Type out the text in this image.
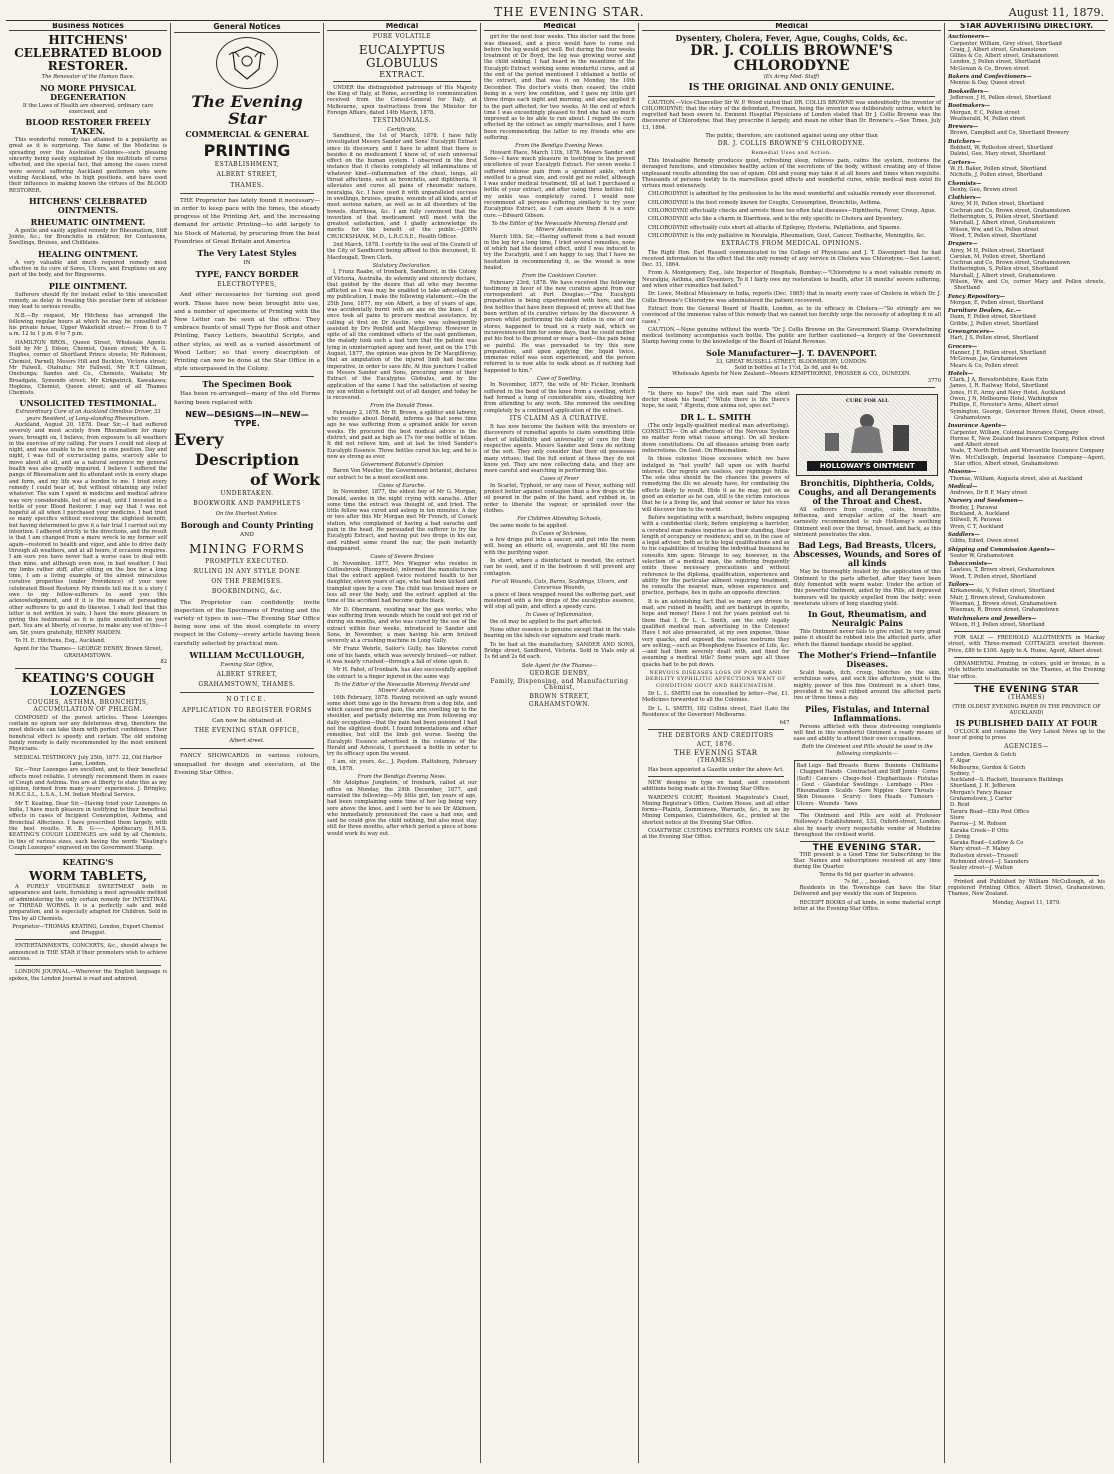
THE EVENING STAR.	August 11, 1879.
Business Notices
HITCHENS' CELEBRATED BLOOD RESTORER.
The Renovator of the Human Race.
NO MORE PHYSICAL DEGENERATION
If the Laws of Health are observed, ordinary care exercised, and
BLOOD RESTORER FREELY TAKEN.

This wonderful remedy has attained to a popularity as great as it is surprising. The fame of the Medicine is spreading over the Australian Colonies—such pleasing sincerity being easily explained by the multitude of cures effected, and the special fact, that among the cases cured were several suffering Auckland gentlemen who were visiting Auckland, who in high positions, and have used their influence in making known the virtues of the BLOOD RESTORER.

HITCHENS' CELEBRATED OINTMENTS.
RHEUMATIC OINTMENT.

A gentle and easily applied remedy for Rheumatism, Stiff Joints, &c.; for Bronchitis in children; for Contusions, Swellings, Bruises, and Chilblains.

HEALING OINTMENT.

A very valuable and much required remedy most effective in its cure of Sores, Ulcers, and Eruptions on any part of the body, and for Ringworms.

PILE OINTMENT.

Sufferers should fly for instant relief to this unexcelled remedy, as delay in treating this peculiar form of sickness may lead to serious results.

N.B.—By request, Mr Hitchens has arranged the following regular hours at which he may be consulted at his private house, Upper Wakefield street:— From 6 to 7 a.m. 12 to 1 p.m. 6 to 7 p.m.

HAMILTON BROS., Queen Street, Wholesale Agents. Sold by Mr J. Edson, Chemist, Queen street; Mr A. G. Hughes, corner of Shortland Prince streets; Mr Robinson, Chemist, Parnell; Messrs Hill and Buckton, Victoria street; Mr Falwell, Otahuhu; Mr Fallwell, Mr R.T. Gillman, Onehunga; Sandes and Co., Chemists, Waikato; Mr Broadgate, Symonds street; Mr Kirkpatrick, Kawakawa; Hopkins, Chemist, Queen street; and of all Thames Chemists.

UNSOLICITED TESTIMONIAL.
Extraordinary Cure of an Auckland Omnibus Driver, 33 years Resident, of Long-standing Rheumatism.

Auckland, August 20, 1878. Dear Sir,—I had suffered severely and most acutely from Rheumatism for many years, brought on, I believe, from exposure to all weathers in the exercise of my calling. For years I could not sleep at night, and was unable to be erect in one position. Day and night, I was full of excruciating pains, scarcely able to move about at all, and as a natural sequence my general health was also greatly impaired. I believe I suffered the pangs of Rheumatism and its attendant evils in every shape and form, and my life was a burden to me. I tried every remedy I could hear of, but without obtaining any relief whatever. The sum I spent in medicine and medical advice was very considerable, but of no avail, until I invested in a bottle of your Blood Restorer. I may say that I was not hopeful at all when I purchased your medicine. I had tried so many specifics without receiving the slightest benefit, but having determined to give it a fair trial I carried out my intention. I adhered strictly to the directions, and the result is that I am changed from a mere wreck to my former self again—restored to health and vigor, and able to drive daily through all weathers, and at all hours, if occasion requires. I am sure you have never had a worse case to deal with than mine, and although even now, in bad weather, I feel my limbs rather stiff, after sitting on the box for a long time, I am a living example of the almost miraculous curative properties (under Providence) of your now celebrated Blood Restorer. My friends tell me it is a story I owe to my fellow-sufferers to send you this acknowledgement, and if it is the means of persuading other sufferers to go and do likewise, I shall feel that this letter is not written in vain. I have the more pleasure in giving this testimonial as it is quite unsolicited on your part. You are at liberty, of course, to make any use of this—I am, Sir, yours gratefully, HENRY MAIDEN.

To H. E. Hitchens, Esq., Auckland.

Agent for the Thames— GEORGE DENBY, Brown Street, GRAHAMSTOWN.
82
KEATING'S COUGH LOZENGES
COUGHS, ASTHMA, BRONCHITIS, ACCUMULATION OF PHLEGM.

COMPOSED of the purest articles. These Lozenges contain no opium nor any deleterious drug, therefore the most delicate can take them with perfect confidence. Their beneficial effect is speedy and certain. The old undoing family remedy is daily recommended by the most eminent Physicians.

MEDICAL TESTIMONY. July 25th, 1877. 22, Old Harbor Lane, London.

Sir,—Your Lozenges are excellent, and to their beneficial effects most reliable. I strongly recommend them in cases of Cough and Asthma. You are at liberty to state this as my opinion, formed from many years' experience. J. Bringley, M.R.C.S.L., L.S.A., L.M. Indian Medical Service.

Mr T. Keating. Dear Sir,—Having tried your Lozenges in India, I have much pleasure in testifying to their beneficial effects in cases of Incipient Consumption, Asthma, and Bronchial Affections. I have prescribed them largely, with the best results. W. B. G——, Apothecary, H.M.S. KEATING'S COUGH LOZENGES are sold by all Chemists, in tins of various sizes, each having the words "Keating's Cough Lozenges" engraved on the Government Stamp.

KEATING'S
WORM TABLETS,

A PURELY VEGETABLE SWEETMEAT both in appearance and taste, furnishing a most agreeable method of administering the only certain remedy for INTESTINAL or THREAD WORMS. It is a perfectly safe and mild preparation, and is especially adapted for Children. Sold in Tins by all Chemists.

Proprietor—THOMAS KEATING, London, Export Chemist and Druggist.

ENTERTAINMENTS, CONCERTS, &c., should always be announced in THE STAR if their promoters wish to achieve success.

LONDON JOURNAL.—Wherever the English language is spoken, the London Journal is read and admired.

General Notices
The Evening Star
COMMERCIAL & GENERAL
PRINTING
ESTABLISHMENT,
ALBERT STREET,
THAMES.

THE Proprietor has lately found it necessary—in order to keep pace with the times, the steady progress of the Printing Art, and the increasing demand for artistic Printing—to add largely to his Stock of Material, by procuring from the best Foundries of Great Britain and America

The Very Latest Styles
IN
TYPE, FANCY BORDER
ELECTROTYPES,

And other necessaries for turning out good work. These have now been brought into use, and a number of specimens of Printing with the New Letter can be seen at the office. They embrace founts of small Type for Book and other Printing, Fancy Letters, beautiful Scripts, and other styles, as well as a varied assortment of Wood Letter; so that every description of Printing can now be done at the Star Office in a style unsurpassed in the Colony.

The Specimen Book

Has been re-arranged—many of the old Forms having been replaced with

NEW—DESIGNS—IN—NEW—TYPE.
Every
Description
of Work
UNDERTAKEN.
BOOKWORK AND PAMPHLETS
On the Shortest Notice.
Borough and County Printing
AND
MINING FORMS
PROMPTLY EXECUTED.
RULING IN ANY STYLE DONE
ON THE PREMISES.
BOOKBINDING, &c.

The Proprietor can confidently invite inspection of the Specimens of Printing and the variety of types in use—The Evening Star Office being now one of the most complete in every respect in the Colony—every article having been carefully selected by practical men.

WILLIAM McCULLOUGH,
Evening Star Office,
ALBERT STREET,
GRAHAMSTOWN, THAMES.
NOTICE.
APPLICATION TO REGISTER FORMS
Can now be obtained at
THE EVENING STAR OFFICE,
Albert street.

FANCY SHOWCARDS in various colours, unequalled for design and execution, at the Evening Star Office.

Medical
PURE VOLATILE
EUCALYPTUS GLOBULUS
EXTRACT.

UNDER the distinguished patronage of His Majesty the King of Italy, at Rome, according to communication received from the Consul-General for Italy, at Melbourne, upon instructions from the Minister for Foreign Affairs, dated 14th March, 1878.

TESTIMONIALS.
Certificate.

Sandhurst, the 1st of March, 1878. I have fully investigated Messrs Sander and Sons' Eucalypti Extract since its discovery, and I have to admit that there is besides it no medicament I know of, of such universal effect on the human system. I observed in the first instance that it checks completely all inflammations of whatever kind—inflammation of the chest, lungs, all throat affections, such as bronchitis, and diphtheria. It alleviates and cures all pains of rheumatic nature, neuralgia, &c. I have used it with unparalleled success in swellings, bruises, sprains, wounds of all kinds, and of most serious nature, as well as in all disorders of the bowels, diarrhoea, &c. I am fully convinced that the invention of that medicament will meet with the greatest satisfaction, and I gladly acknowledge its merits for the benefit of the public.—JOHN CRUICKSHANK, M.D., L.R.C.S.E., Health Officer.

2nd March, 1878. I certify to the seal of the Council of the City of Sandhurst being affixed to this document, D. Macdougall, Town Clerk.

Statutory Declaration.

I, Franz Raabe, of Ironbark, Sandhurst, in the Colony of Victoria, Australia, do solemnly and sincerely declare, that guided by the desire that all who may become afflicted as I was may be enabled to take advantage of my publication, I make the following statement:—On the 25th June, 1877, my son Albert, a boy of years of age, was accidentally burnt with an axe on the knee. I at once took all pains to procure medical assistance, by calling at first on Dr Austin, who was subsequently assisted by Drs Penfold and Macgillivray. However in spite of all the combined efforts of the said gentlemen, the malady took such a bad turn that the patient was lying in uninterrupted agony and fever, and on the 17th August, 1877, the opinion was given by Dr Macgillivray, that an amputation of the injured limb had become imperative, in order to save life. At this juncture I called on Messrs Sander and Sons, procuring some of their Extract of the Eucalyptus Globulus, and by the application of the same I had the satisfaction of seeing my son within a fortnight out of all danger, and today he is recovered.

From the Donald Times.

February 2, 1878. Mr H. Brown, a splitter and laborer, who resides about Donald, informs us that some time ago he was suffering from a sprained ankle for seven weeks. He procured the best medical advice in the district, and paid as high as 17s for one bottle of lotion. It did not relieve him, and at last he tried Sander's Eucalypti Essence. Three bottles cured his leg, and he is now as strong as ever.

Government Botanist's Opinion

Baron Von Mueller, the Government botanist, declares our extract to be a most excellent one.

Cases of Earache.

In November, 1877, the eldest boy of Mr G. Morgan, Donald, awoke in the night crying with earache. After some time the extract was thought of, and tried. The little fellow was cured and asleep in ten minutes. A day or two after this Mr Morgan met Mr French, of Corack station, who complained of having a bad earache and pain in the head. He persuaded the sufferer to try the Eucalypti Extract, and having put two drops in his ear, and rubbed some round the ear, the pain instantly disappeared.

Cases of Severe Bruises

In November, 1877, Mrs Wiegner who resides in Collinsbrook (Runnymede), informed the manufacturers that the extract applied twice restored health to her daughter, eleven years of age, who had been kicked and trampled upon by a cow. The child was bruised more or less all over the body, and the extract applied at the time of the accident had become quite black.

Mr D. Obermann, residing near the gas works, who was suffering from wounds which he could not get rid of during six months, and who was cured by the use of the extract within four weeks, introduced to Sander and Sons, in November, a man having his arm bruised severely at a crushing machine in Long Gully.

Mr Franz Wehrle, Sailor's Gully, has likewise cured one of his hands, which was severely bruised—or rather, it was nearly crushed—through a fall of stone upon it.

Mr H. Pabst, of Ironbark, has also successfully applied the extract to a finger injured in the same way.

To the Editor of the Newcastle Morning Herald and Miners' Advocate.

16th February, 1878. Having received an ugly wound some short time ago in the forearm from a dog bite, and which caused me great pain, the arm swelling up to the shoulder, and partially deterring me from following my daily occupation—that the pain had been poisoned I had not the slightest doubt. I found fomentations and other remedies, but still the limb got worse. Seeing the Eucalypti Essence advertised in the columns of the Herald and Advocate, I purchased a bottle in order to try its efficacy upon the wound.

I am, sir, yours, &c., J. Paydom. Plattsburg, February 6th, 1878.

From the Bendigo Evening News.

Mr Adolphus Jungheim, of Ironbark, called at our office on Monday, the 24th December, 1877, and narrated the following:—My little girl, ten years of age, had been complaining some time of her leg being very sore above the knee, and I sent her to see Dr Atkinson, who immediately pronounced the case a bad one, and said he could give the child nothing, but also must stay still for three months, after which period a piece of bone would work its way out.

Medical

girl for the next four weeks. This doctor said the bone was diseased, and a piece would have to come out before the leg would get well. But during the four weeks treatment of Dr Boyd, the leg was growing worse and the child sinking. I had heard in the meantime of the Eucalypti Extract working some wonderful cures, and at the end of the period mentioned I obtained a bottle of the extract, and that was it on Monday, the 10th December. The doctor's visits then ceased, the child being in a very low condition, and I gave my little girl three drops each night and morning, and also applied it to the part affected, for two weeks. At the end of which time I was exceedingly pleased to find she had so much improved as to be able to run about. I regard the cure effected by the extract as simply marvellous, and I have been recommending the latter to my friends who are suffering.

From the Bendigo Evening News.

Howard Place, March 11th, 1878. Messrs Sander and Sons—I have much pleasure in testifying to the proved excellence of your Eucalypti Extract. For seven weeks I suffered intense pain from a sprained ankle, which swelled to a great size, and could get no relief, although I was under medical treatment, till at last I purchased a bottle of your extract, and after using three bottles full, my ankle was completely cured. I would now recommend all persons suffering similarly to try your Eucalyptus Extract, as I can assure them it is a sure cure.—Edward Gibson.

To the Editor of the Newcastle Morning Herald and Miners' Advocate.

March 18th. Sir,—Having suffered from a bad wound in the leg for a long time, I tried several remedies, none of which had the desired effect, until I was induced to try the Eucalypti, and I am happy to say, that I have no hesitation in recommending it, as the wound is now healed.

From the Cooktown Courier.

February 23rd, 1878. We have received the following testimony in favor of the new curative agent from our correspondent at Port Douglas:—"The Eucalypti preparation is being experimented with here, and the few bottles that have been disposed of, prove all that has been written of its curative virtues by the discoverer. A person whilst performing his daily duties in one of our stores, happened to tread on a rusty nail, which so inconvenienced him for some days, that he could neither put his foot to the ground or wear a boot—the pain being so painful. He was persuaded to try this new preparation, and upon applying the liquid twice, immense relief was soon experienced, and the person referred to is now able to walk about as if nothing had happened to him."

Case of Swelling.

In November, 1877, the wife of Mr Ficker, Ironbark suffered in the bend of the knee from a swelling, which had formed a lump of considerable size, disabling her from attending to any work. She removed the swelling completely by a continued application of the extract.

ITS CLAIM AS A CURATIVE.

It has now become the fashion with the inventors or discoverers of remedial agents to claim something little short of infallibility and universality of cure for their respective agents. Messrs Sander and Sons do nothing of the sort. They only consider that their oil possesses many virtues; that the full extent of these they do not know yet. They are now collecting data, and they are more careful and searching in performing this.

Cases of Fever

In Scarlet, Typhoid, or any case of Fever, nothing will protect better against contagion than a few drops of the oil poured in the palm of the hand, and rubbed in, in order to liberate the vapour, or sprinkled over the clothes.

For Children Attending Schools,

the same mode to be applied.

In Cases of Sickness,

a few drops put into a saucer, and put into the room will, being an etheric oil, evaporate, and fill the room with the purifying vapor.

In short, where a disinfectant is needed, the extract can be used, and if in the bedroom it will prevent any contagion.

For all Wounds, Cuts, Burns, Scaldings, Ulcers, and Cancerous Wounds,

a piece of linen wrapped round the suffering part, and moistened with a few drops of the eucalyptus essence, will stop all pain, and effect a speedy cure.

In Cases of Inflammation,

the oil may be applied to the part affected.

None other essence is genuine except that in the vials bearing on the labels our signature and trade mark.

To be had at the manufactory, SANDER AND SONS, Bridge street, Sandhurst, Victoria. Sold in Vials only at 1s 6d and 2s 6d each.

Sole Agent for the Thames—
GEORGE DENBY,
Family, Dispensing, and Manufacturing Chemist,
BROWN STREET,
GRAHAMSTOWN.
Medical
Dysentery, Cholera, Fever, Ague, Coughs, Colds, &c.
DR. J. COLLIS BROWNE'S CHLORODYNE
(Ex Army Med. Staff)
IS THE ORIGINAL AND ONLY GENUINE.

CAUTION.—Vice-Chancellor Sir W. P. Wood stated that DR. COLLIS BROWNE was undoubtedly the inventor of CHLORODYNE; that the story of the defendant, Freeman, being the inventor was deliberately untrue, which he regretted had been sworn to. Eminent Hospital Physicians of London stated that Dr J. Collis Browne was the discoverer of Chlorodyne; that they prescribe it largely, and mean no other than Dr. Browne's.—See Times, July 13, 1864.

The public, therefore, are cautioned against using any other than
DR. J. COLLIS BROWNE'S CHLORODYNE.
Remedial Uses and Action.

This Invaluable Remedy produces quiet, refreshing sleep, relieves pain, calms the system, restores the deranged functions, and stimulates healthy action of the secretions of the body, without creating any of those unpleasant results attending the use of opium. Old and young may take it at all hours and times when requisite. Thousands of persons testify to its marvellous good effects and wonderful cures, while medical men extol its virtues most extensively.

CHLORODYNE is admitted by the profession to be the most wonderful and valuable remedy ever discovered.

CHLORODYNE is the best remedy known for Coughs, Consumption, Bronchitis, Asthma.

CHLORODYNE effectually checks and arrests those too often fatal diseases—Diphtheria, Fever, Croup, Ague.

CHLORODYNE acts like a charm in Diarrhoea, and is the only specific in Cholera and Dysentery.

CHLORODYNE effectually cuts short all attacks of Epilepsy, Hysteria, Palpitations, and Spasms.

CHLORODYNE is the only palliative in Neuralgia, Rheumatism, Gout, Cancer, Toothache, Meningitis, &c.

EXTRACTS FROM MEDICAL OPINIONS.

The Right Hon. Earl Russell communicated to the College of Physicians and J. T. Davenport that he had received information to the effect that the only remedy of any service in Cholera was Chlorodyne.—See Lancet, Dec. 31, 1864.

From A. Montgomery, Esq., late Inspector of Hospitals, Bombay:—"Chlorodyne is a most valuable remedy in Neuralgia, Asthma, and Dysentery. To it I fairly owe my restoration to health, after 18 months' severe suffering, and when other remedies had failed."

Dr. Lowe, Medical Missionary in India, reports (Dec. 1865) that in nearly every case of Cholera in which Dr. J. Collis Browne's Chlorodyne was administered the patient recovered.

Extract from the General Board of Health, London, as to its efficacy in Cholera:—"So strongly are we convinced of the immense value of this remedy that we cannot too forcibly urge the necessity of adopting it in all cases."

CAUTION.—None genuine without the words "Dr J. Collis Browne on the Government Stamp. Overwhelming medical testimony accompanies each bottle. The public are further cautioned—a forgery of the Government Stamp having come to the knowledge of the Board of Inland Revenue.

Sole Manufacturer—J. T. DAVENPORT.
33, GREAT RUSSELL-STREET, BLOOMSBURY, LONDON.
Sold in bottles at 1s 1½d, 2s 9d, and 4s 6d.
Wholesale Agents for New Zealand—Messrs KEMPTHORNE, PROSSER & CO., DUNEDIN.
3770

"Is there no hope? the sick man said The silent doctor shook his head;" "While there is life there's hope, he said, " Ægrotu, dum anima est, spes est."

DR L. L. SMITH

(The only legally-qualified medical man advertising). CONSULTS— On all affections of the Nervous System no matter from what cause arising). On all broken-down constitutions. On all diseases arising from early indiscretions. On Gout. On Rheumatism.

In those colonies those excesses which we have indulged in "hot youth" fall upon us with fearful interest. Our regrets are useless, our repinings futile. The sole idea should be the chances the powers of remedying the ills we already have, for combating the effects likely to result. Hide it as he may, put on as good an exterior as he can, still is the victim conscious that he is a living lie, and that sooner or later his vices will discover him to the world.

Before negotiating with a marchant, before engaging with a confidential clerk; before employing a barrister, a cerebral man makes inquiries as their standing, their length of occupancy or residence; and so, in the case of a legal adviser, both as to his legal qualifications and as to his capabilities of treating the individual business he consults him upon. Strange to say, however, in the selection of a medical man, the suffering frequently omits these necessary precautions and without reference to the diploma, qualification, experience and ability for the particular ailment requiring treatment, he consults the nearest man, whose experience and practice, perhaps, lies in quite an opposite direction.

It is an astonishing fact that so many are driven to mad, are ruined in health, and are bankrupt in spirits, hope and money! Have I not for years pointed out to them that I, Dr L. L. Smith, am the only legally qualified medical man advertising in the Colonies! Have I not also prosecuted, at my own expense, those very quacks, and exposed the various nostrums they are selling,—such as Phosphodyne Essence of Life, &c.—and had them severely dealt with, and fined for assuming a medical title? Some years ago all these quacks had to be put down.

NERVOUS DISEASES LOSS OF POWER AND DEBILITY SYPHILITIC AFFECTIONS WANT OF CONDITION GOUT AND RHEUMATISM.

Dr L. L. SMITH can be consulted by letter—Fee, £1. Medicines forwarded to all the Colonies.

Dr L. L. SMITH, 182 Collins street, East (Late the Residence of the Governor) Melbourne.

647
THE DEBTORS AND CREDITORS
ACT, 1876.
THE EVENING STAR
(THAMES)

Has been appointed a Gazette under the above Act.

NEW designs in type on hand, and consistent additions being made at the Evening Star Office.

WARDEN'S COURT, Resident Magistrate's Court, Mining Registrar's Office, Custom House, and all other forms—Plaints, Summonses, Warrants, &c., in use by Mining Companies, Claimholders, &c., printed at the shortest notice at the Evening Star Office.

COASTWISE CUSTOMS ENTRIES FORMS ON SALE at the Evening Star Office.

CURE FOR ALL
HOLLOWAY'S OINTMENT
Bronchitis, Diphtheria, Colds, Coughs, and all Derangements of the Throat and Chest.

All sufferers from coughs, colds, bronchitis, influenza, and irregular action of the heart are earnestly recommended to rub Holloway's soothing Ointment well over the throat, breast, and back, as this ointment penetrates the skin.

Bad Legs, Bad Breasts, Ulcers, Abscesses, Wounds, and Sores of all kinds

May be thoroughly healed by the application of this Ointment to the parts affected, after they have been duly fomented with warm water. Under the action of this powerful Ointment, aided by the Pills, all depraved humours will be quickly expelled from the body; even inveterate ulcers of long standing yield.

In Gout, Rheumatism, and Neuralgic Pains

This Ointment never fails to give relief. In very great pains it should be rubbed into the affected parts, after which the flannel bandage should be applied.

The Mother's Friend—Infantile Diseases.

Scald heads, itch, croup, blotches on the skin, scrofulous sores, and such like affections, yield to the mighty power of this fine Ointment in a short time, provided it be well rubbed around the affected parts two or three times a day.

Piles, Fistulas, and Internal Inflammations.

Persons afflicted with these distressing complaints will find in this wonderful Ointment a ready means of ease and ability to attend their own occupations.

Both the Ointment and Pills should be used in the following complaints:—
Bad Legs · Bad Breasts · Burns · Bunions · Chilblains · Chapped Hands · Contracted and Stiff Joints · Corns (Soft) · Cancers · Chego-foot · Elephantiasis · Fistulas · Gout · Glandular Swellings · Lumbago · Piles · Rheumatism · Scalds · Sore Nipples · Sore Throats · Skin Diseases · Scurvy · Sore Heads · Tumours · Ulcers · Wounds · Yaws

The Ointment and Pills are sold at Professor Holloway's Establishment, 533, Oxford-street, London; also by nearly every respectable vendor of Medicine throughout the civilised world.

THE EVENING STAR.

THE present is a Good Time for Subscribing to the Star. Names and subscriptions received at any time during the Quarter.

Terms 6s 6d per quarter in advance.
7s 6d ,, ,, booked.

Residents in the Townships can have the Star Delivered and pay weekly the sum of Sixpence.

RECEIPT BOOKS of all kinds, in some material script letter at the Evening Star Office.

STAR ADVERTISING DIRECTORY.
Auctioneers—
Carpenter, William, Grey street, Shortland
Craig, J, Albert street, Grahamstown
Gillies & Co, Albert street, Grahamstown
Lendon, J, Pollen street, Shortland
McGowan & Co, Brown street
Bakers and Confectioners—
Mennie & Day, Queen street
Booksellers—
Jefferson, J H, Pollen street, Shortland
Bootmakers—
Morgan, E C, Pollen street
Weatherald, M, Pollen street
Brewers—
Brown, Campbell and Co, Shortland Brewery
Butchers—
Bobbett, W, Rolleston street, Shortland
Dalziel, Geo, Mary street, Shortland
Carters—
W. H. Baker, Pollen street, Shortland
Nicholls, J, Pollen street, Shortland
Chemists—
Denby, Geo, Brown street
Clothiers—
Airey, M H, Pollen street, Shortland
Cochran and Co, Brown street, Grahamstown
Hetherington, S, Pollen street, Shortland
Marshall, J, Albert street, Grahamstown
Wilson, Ww, and Co, Pollen street
Wood, T, Pollen street, Shortland
Drapers—
Airey, M H, Pollen street, Shortland
Carolan, M, Pollen street, Shortland
Cochran and Co, Brown street, Grahamstown
Hetherington, S, Pollen street, Shortland
Marshall, J, Albert street, Grahamstown
Wilson, Ww, and Co, corner Mary and Pollen streets, Shortland
Fancy Repository—
Morgan, E, Pollen street, Shortland
Furniture Dealers, &c.—
Dann, F, Pollen street, Shortland
Gribbs, J, Pollen street, Shortland
Greengrocers—
Hart, J S, Pollen street, Shortland
Grocers—
Hanner, J E, Pollen street, Shortland
McGowan, Jas, Grahamstown
Mears & Co, Pollen street
Hotels—
Clark, J A, Beresfordshire, Kaue Extn
James, I, R. Railway Hotel, Shortland
Jones, H E, Army and Navy Hotel, Auckland
Owen, J N, Melbourne Hotel, Waihington
Phillips, E, Forester's Arms, Albert street
Symington, George, Governor Brown Hotel, Owen street, Grahamstown
Insurance Agents—
Carpenter, William, Colonial Insurance Company
Hornse E, New Zealand Insurance Company, Pollen street and Albert street
Veale, T, North British and Mercantile Insurance Company
Wm. McCullough, Imperial Insurance Company—Agent, Star office, Albert street, Grahamstown
Masons—
Thomas, William, Augusta street, also at Auckland
Medical—
Andrews, Dr R F, Mary street
Nursery and Seedsmen—
Brodey, J, Parawai
Buckland, A, Auckland
Stilwell, R, Parawai
Wren, C T, Auckland
Saddlers—
Gibbs, Edwd, Owen street
Shipping and Commission Agents—
Souter W, Grahamstown
Tobacconists—
Lawless, T, Brown street, Grahamstown
Wood, T, Pollen street, Shortland
Tailors—
Kirkanowski, V, Pollen street, Shortland
Muir, J, Brown street, Grahamstown
Wiseman, J, Brown street, Grahamstown
Wiseman, R, Brown street, Grahamstown
Watchmakers and Jewellers—
Wilson, H J, Pollen street, Shortland

FOR SALE — FREEHOLD ALLOTMENTS in Mackay street, with Three-roomed COTTAGES erected thereon. Price, £80 to £100. Apply to A. Hume, Agent, Albert street

ORNAMENTAL Printing, in colors, gold or bronze, in a style hitherto unattainable on the Thames, at the Evening Star office.

THE EVENING STAR
(THAMES)
(THE OLDEST EVENING PAPER IN THE PROVINCE OF AUCKLAND)
IS PUBLISHED DAILY AT FOUR

O'CLOCK and contains the Very Latest News up to the hour of going to press

AGENCIES—
London, Gordon & Gotch
F. Algar
Melbourne, Gordon & Gotch
Sydney, "
Auckland—S. Hackett, Insurance Buildings
Shortland, J. H. Jefferson
Morgan's Fancy Bazaar
Grahamstown, J. Carter
D. Reid
Tararu Road—Ellis Post Office
Store
Paeroa—J. M. Robson
Karaka Creek—P. Otto
J. Dring
Karaka Road—Ludlow & Co
Mary street—F. Mabey
Rolleston street—Trussell
Richmond street—J. Saunders
Sealey street—J. Walton

Printed and Published by William McCullough, at his registered Printing Office, Albert Street, Grahamstown, Thames, New Zealand.

Monday, August 11, 1879.
